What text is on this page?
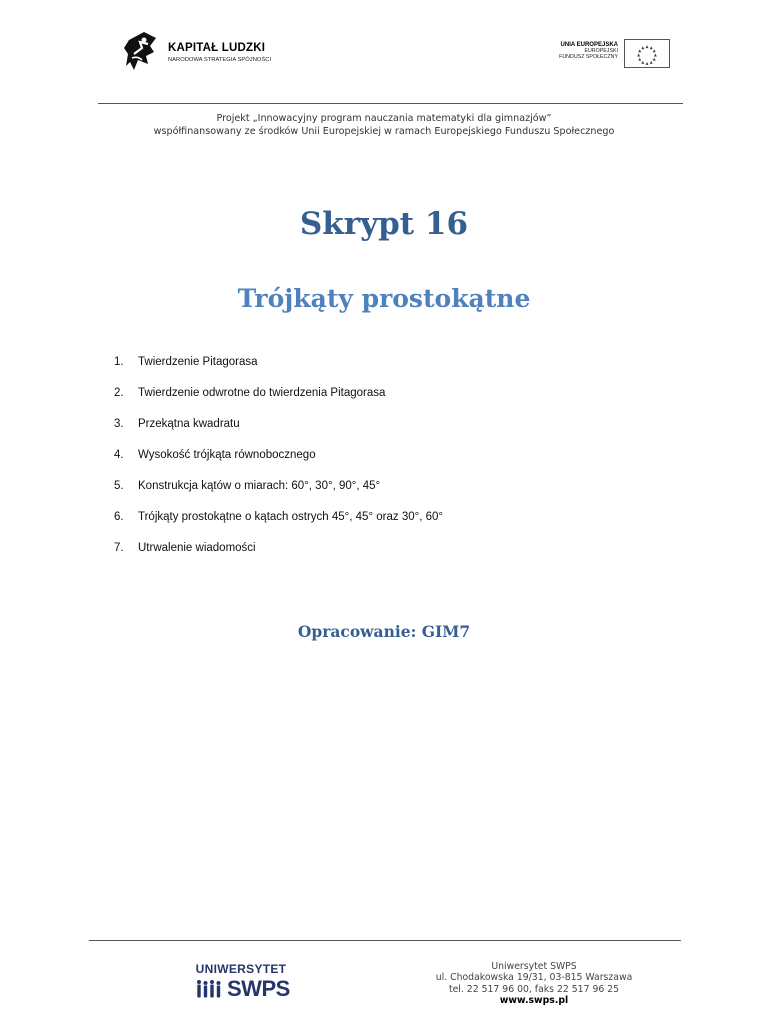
KAPITAŁ LUDZKI
NARODOWA STRATEGIA SPÓJNOŚCI
UNIA EUROPEJSKA
EUROPEJSKI
FUNDUSZ SPOŁECZNY
Projekt „Innowacyjny program nauczania matematyki dla gimnazjów”
współfinansowany ze środków Unii Europejskiej w ramach Europejskiego Funduszu Społecznego
Skrypt 16
Trójkąty prostokątne
1. Twierdzenie Pitagorasa
2. Twierdzenie odwrotne do twierdzenia Pitagorasa
3. Przekątna kwadratu
4. Wysokość trójkąta równobocznego
5. Konstrukcja kątów o miarach: 60°, 30°, 90°, 45°
6. Trójkąty prostokątne o kątach ostrych 45°, 45° oraz 30°, 60°
7. Utrwalenie wiadomości
Opracowanie: GIM7
UNIWERSYTET
SWPS
Uniwersytet SWPS
ul. Chodakowska 19/31, 03-815 Warszawa
tel. 22 517 96 00, faks 22 517 96 25
www.swps.pl
